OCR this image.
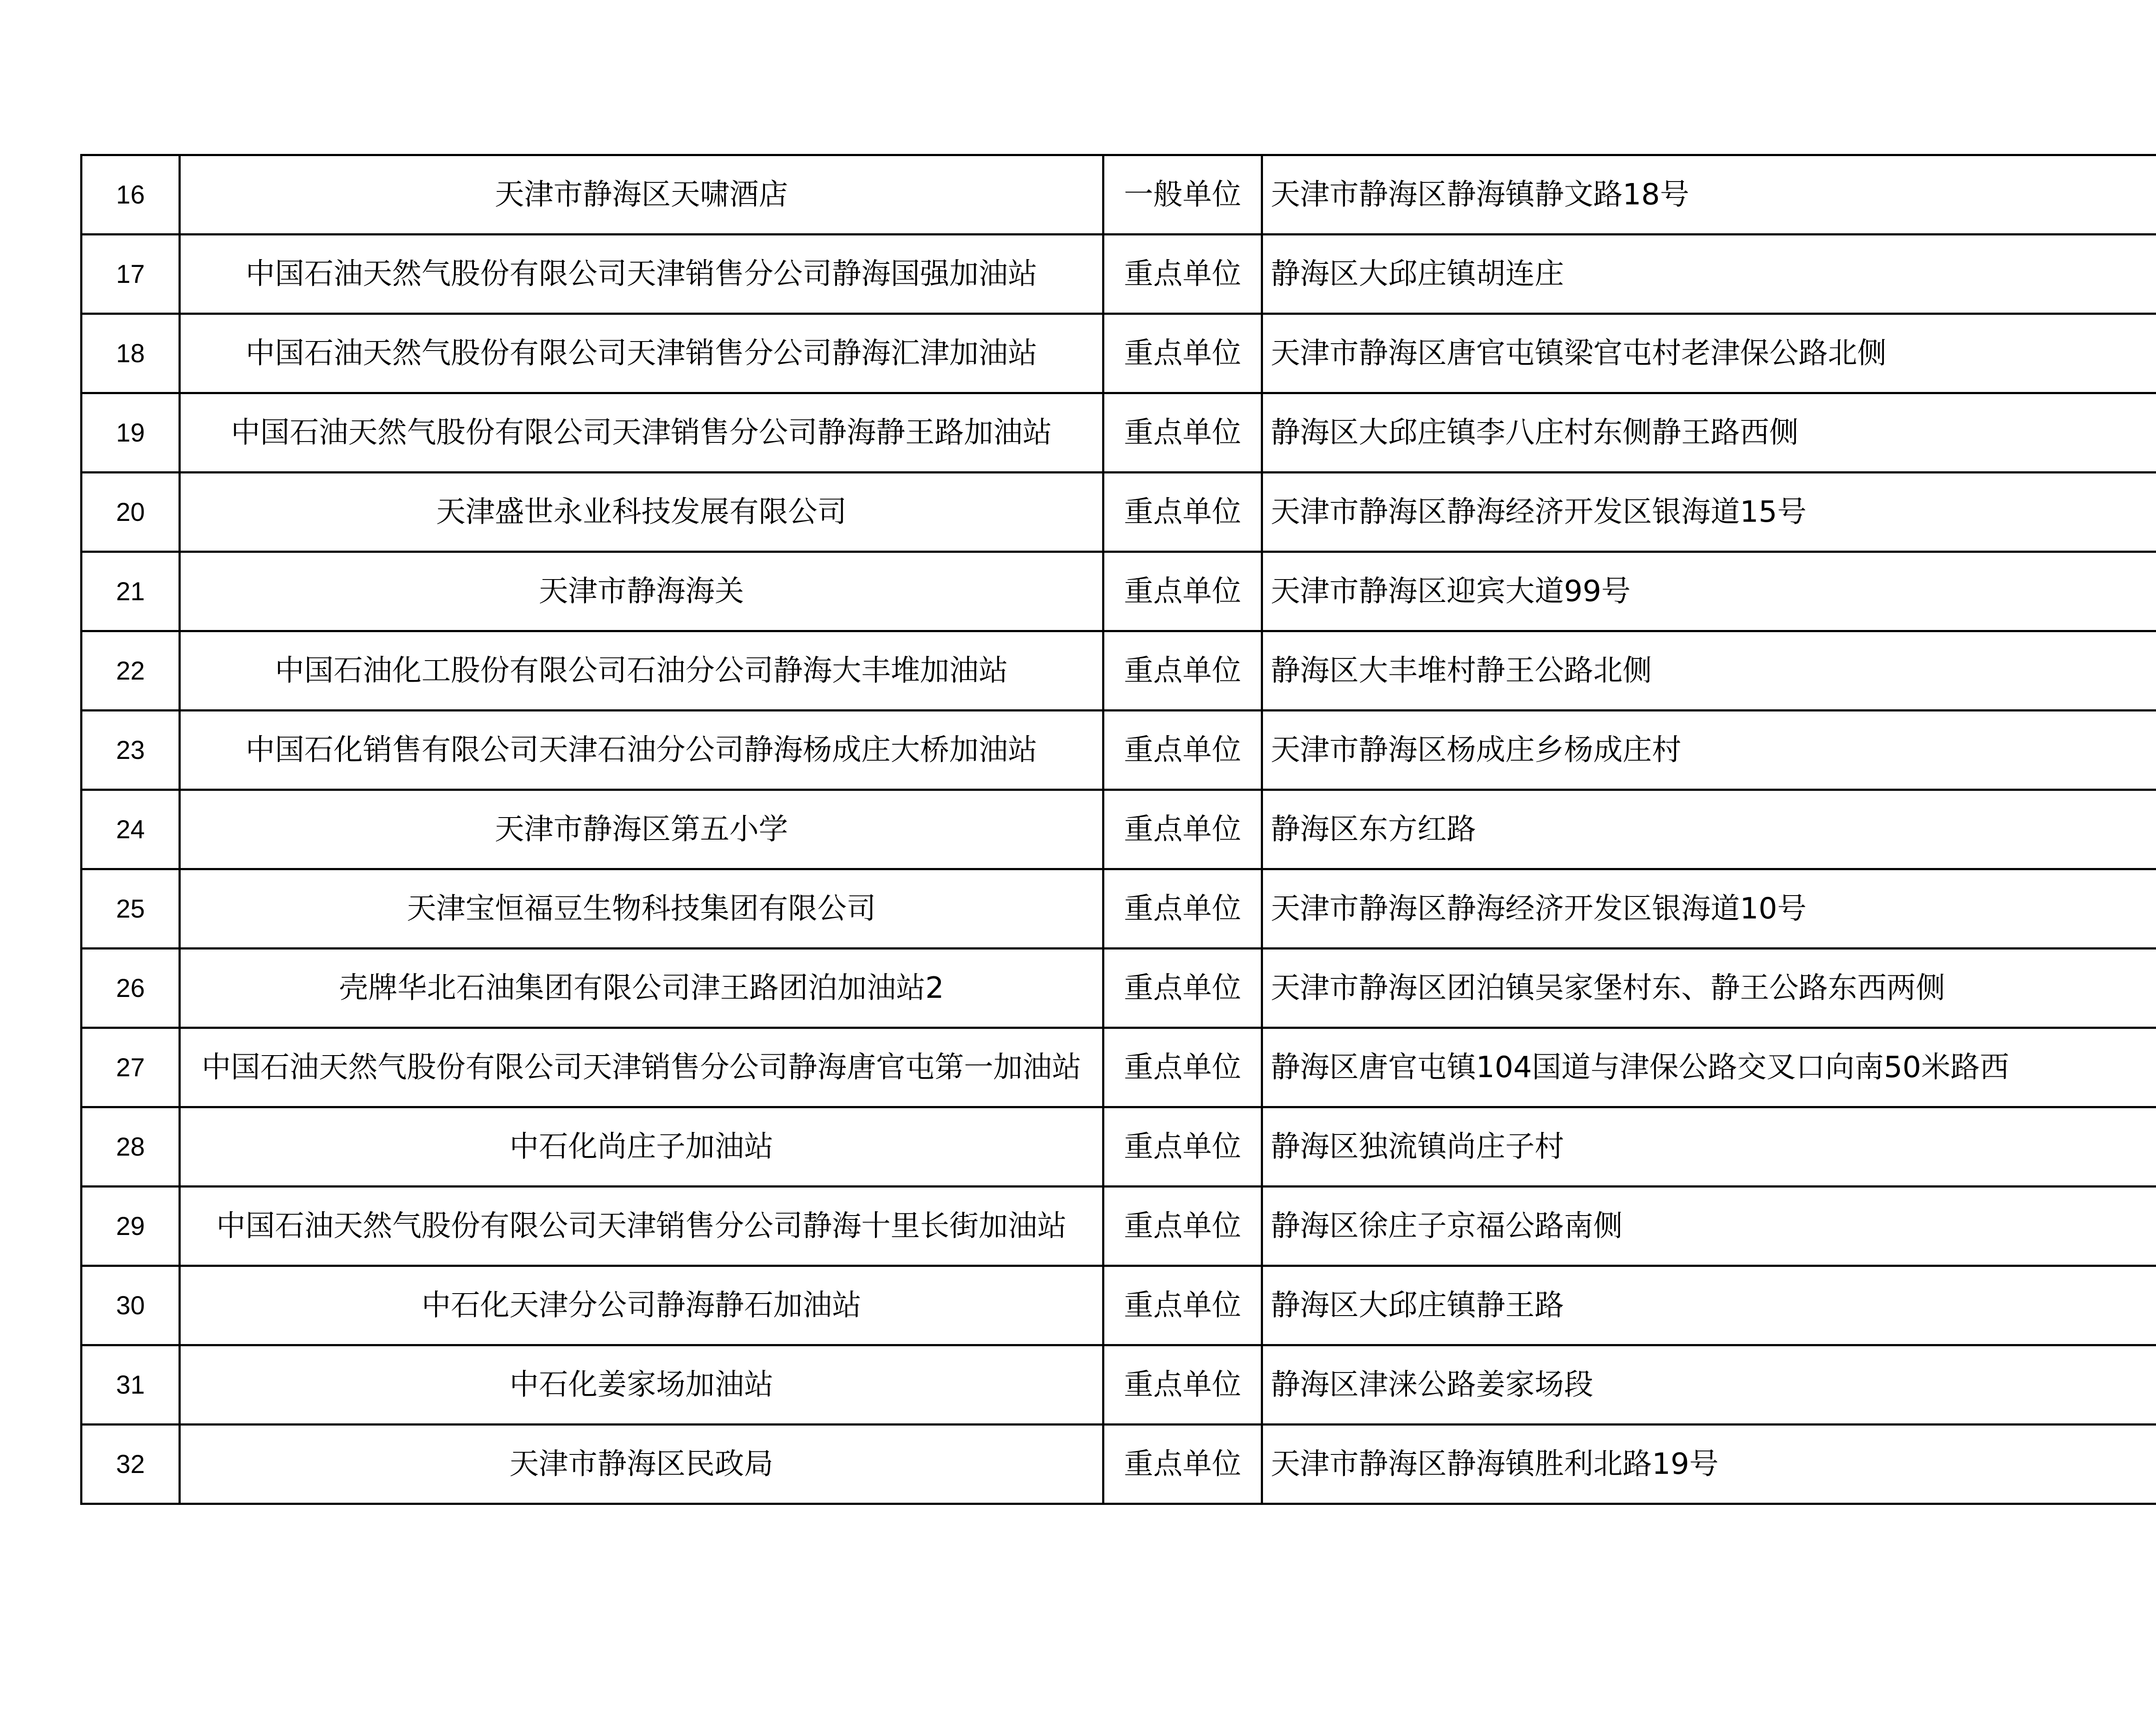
16	天津市静海区天啸酒店	一般单位	天津市静海区静海镇静文路18号	
17	中国石油天然气股份有限公司天津销售分公司静海国强加油站	重点单位	静海区大邱庄镇胡连庄	
18	中国石油天然气股份有限公司天津销售分公司静海汇津加油站	重点单位	天津市静海区唐官屯镇梁官屯村老津保公路北侧	
19	中国石油天然气股份有限公司天津销售分公司静海静王路加油站	重点单位	静海区大邱庄镇李八庄村东侧静王路西侧	
20	天津盛世永业科技发展有限公司	重点单位	天津市静海区静海经济开发区银海道15号	
21	天津市静海海关	重点单位	天津市静海区迎宾大道99号	
22	中国石油化工股份有限公司石油分公司静海大丰堆加油站	重点单位	静海区大丰堆村静王公路北侧	
23	中国石化销售有限公司天津石油分公司静海杨成庄大桥加油站	重点单位	天津市静海区杨成庄乡杨成庄村	
24	天津市静海区第五小学	重点单位	静海区东方红路	
25	天津宝恒福豆生物科技集团有限公司	重点单位	天津市静海区静海经济开发区银海道10号	
26	壳牌华北石油集团有限公司津王路团泊加油站2	重点单位	天津市静海区团泊镇吴家堡村东、静王公路东西两侧	
27	中国石油天然气股份有限公司天津销售分公司静海唐官屯第一加油站	重点单位	静海区唐官屯镇104国道与津保公路交叉口向南50米路西	
28	中石化尚庄子加油站	重点单位	静海区独流镇尚庄子村	
29	中国石油天然气股份有限公司天津销售分公司静海十里长街加油站	重点单位	静海区徐庄子京福公路南侧	
30	中石化天津分公司静海静石加油站	重点单位	静海区大邱庄镇静王路	
31	中石化姜家场加油站	重点单位	静海区津涞公路姜家场段	
32	天津市静海区民政局	重点单位	天津市静海区静海镇胜利北路19号	
